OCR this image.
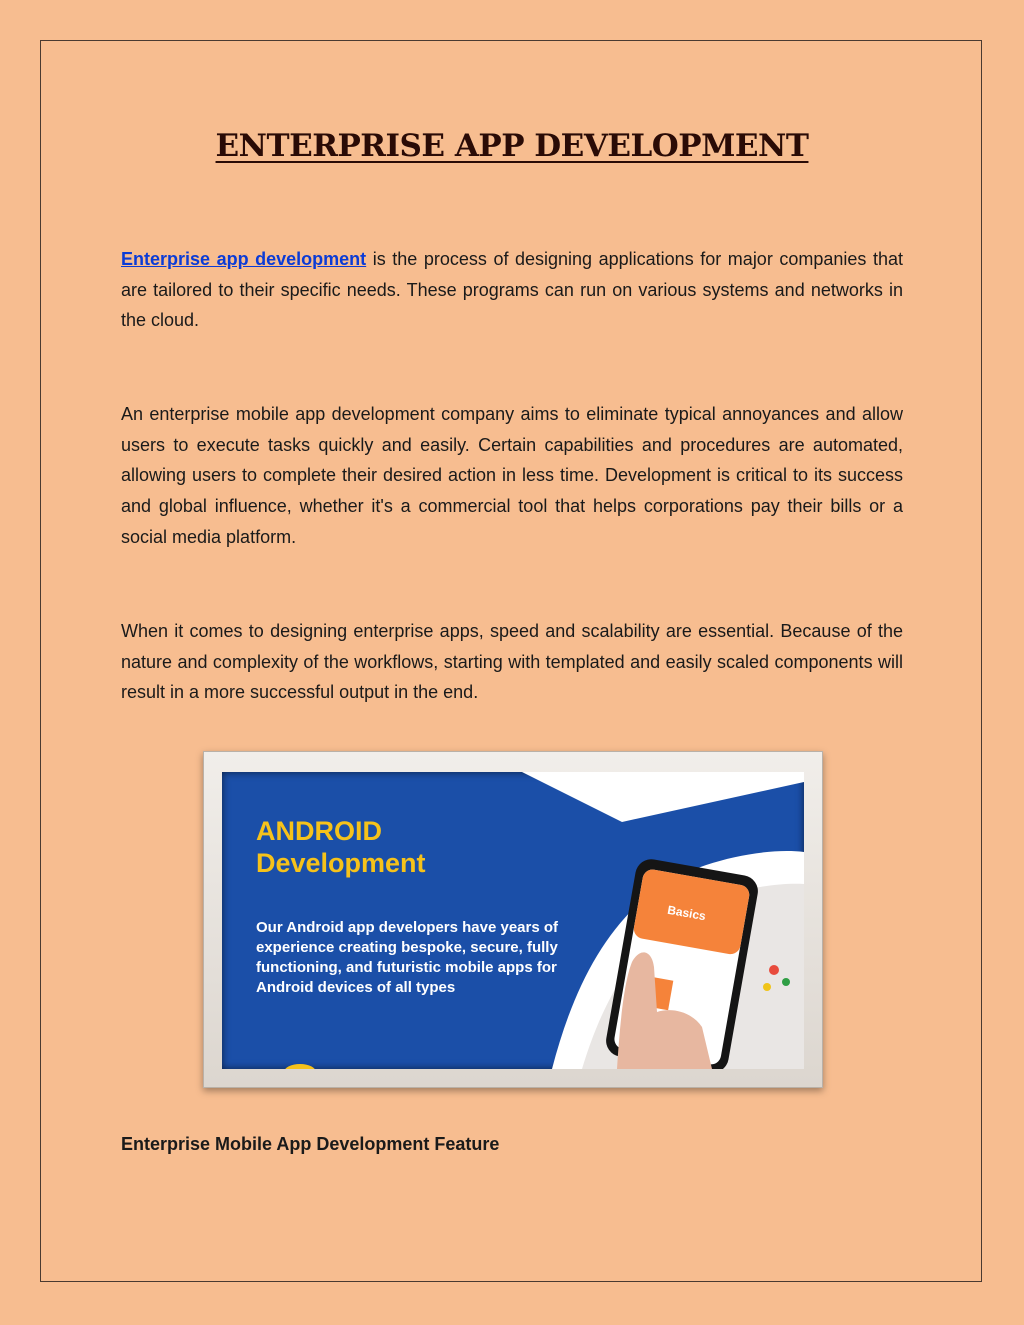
ENTERPRISE APP DEVELOPMENT

Enterprise app development is the process of designing applications for major companies that are tailored to their specific needs. These programs can run on various systems and networks in the cloud.

An enterprise mobile app development company aims to eliminate typical annoyances and allow users to execute tasks quickly and easily. Certain capabilities and procedures are automated, allowing users to complete their desired action in less time. Development is critical to its success and global influence, whether it's a commercial tool that helps corporations pay their bills or a social media platform.

When it comes to designing enterprise apps, speed and scalability are essential. Because of the nature and complexity of the workflows, starting with templated and easily scaled components will result in a more successful output in the end.

Basics
ANDROID
Development
Our Android app developers have years of experience creating bespoke, secure, fully functioning, and futuristic mobile apps for Android devices of all types
Enterprise Mobile App Development Feature
